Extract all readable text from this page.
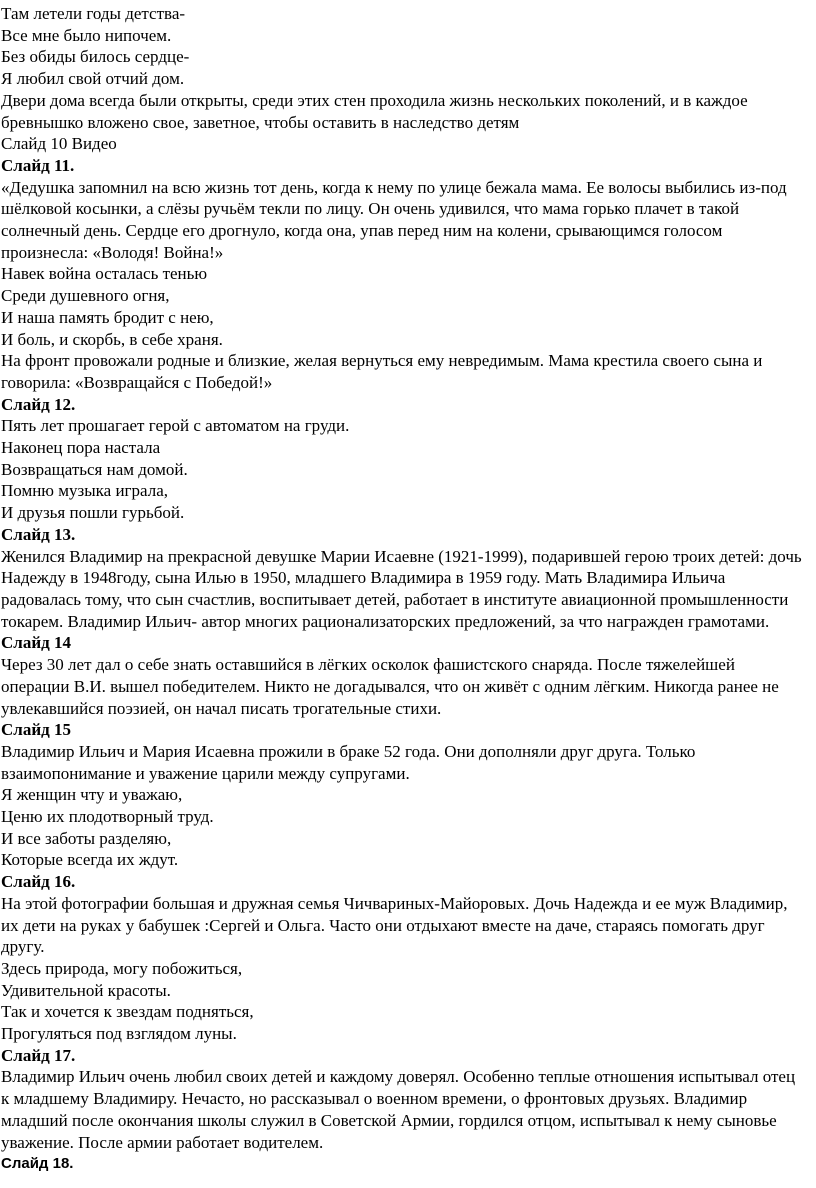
Там летели годы детства-

Все мне было нипочем.

Без обиды билось сердце-

Я любил свой отчий дом.

Двери дома всегда были открыты, среди этих стен проходила жизнь нескольких поколений, и в каждое бревнышко вложено свое, заветное, чтобы оставить в наследство детям

Слайд 10 Видео

Слайд 11.

«Дедушка запомнил на всю жизнь тот день, когда к нему по улице бежала мама. Ее волосы выбились из-под шёлковой косынки, а слёзы ручьём текли по лицу. Он очень удивился, что мама горько плачет в такой солнечный день. Сердце его дрогнуло, когда она, упав перед ним на колени, срывающимся голосом произнесла: «Володя! Война!»

Навек война осталась тенью

Среди душевного огня,

И наша память бродит с нею,

И боль, и скорбь, в себе храня.

На фронт провожали родные и близкие, желая вернуться ему невредимым. Мама крестила своего сына и говорила: «Возвращайся с Победой!»

Слайд 12.

Пять лет прошагает герой с автоматом на груди.

Наконец пора настала

Возвращаться нам домой.

Помню музыка играла,

И друзья пошли гурьбой.

Слайд 13.

Женился Владимир на прекрасной девушке Марии Исаевне (1921-1999), подарившей герою троих детей: дочь Надежду в 1948году, сына Илью в 1950, младшего Владимира в 1959 году. Мать Владимира Ильича радовалась тому, что сын счастлив, воспитывает детей, работает в институте авиационной промышленности токарем. Владимир Ильич- автор многих рационализаторских предложений, за что награжден грамотами.

Слайд 14

Через 30 лет дал о себе знать оставшийся в лёгких осколок фашистского снаряда. После тяжелейшей операции В.И. вышел победителем. Никто не догадывался, что он живёт с одним лёгким. Никогда ранее не увлекавшийся поэзией, он начал писать трогательные стихи.

Слайд 15

Владимир Ильич и Мария Исаевна прожили в браке 52 года. Они дополняли друг друга. Только взаимопонимание и уважение царили между супругами.

Я женщин чту и уважаю,

Ценю их плодотворный труд.

И все заботы разделяю,

Которые всегда их ждут.

Слайд 16.

На этой фотографии большая и дружная семья Чичвариных-Майоровых. Дочь Надежда и ее муж Владимир, их дети на руках у бабушек :Сергей и Ольга. Часто они отдыхают вместе на даче, стараясь помогать друг другу.

Здесь природа, могу побожиться,

Удивительной красоты.

Так и хочется к звездам подняться,

Прогуляться под взглядом луны.

Слайд 17.

Владимир Ильич очень любил своих детей и каждому доверял. Особенно теплые отношения испытывал отец к младшему Владимиру. Нечасто, но рассказывал о военном времени, о фронтовых друзьях. Владимир младший после окончания школы служил в Советской Армии, гордился отцом, испытывал к нему сыновье уважение. После армии работает водителем.

Слайд 18.
